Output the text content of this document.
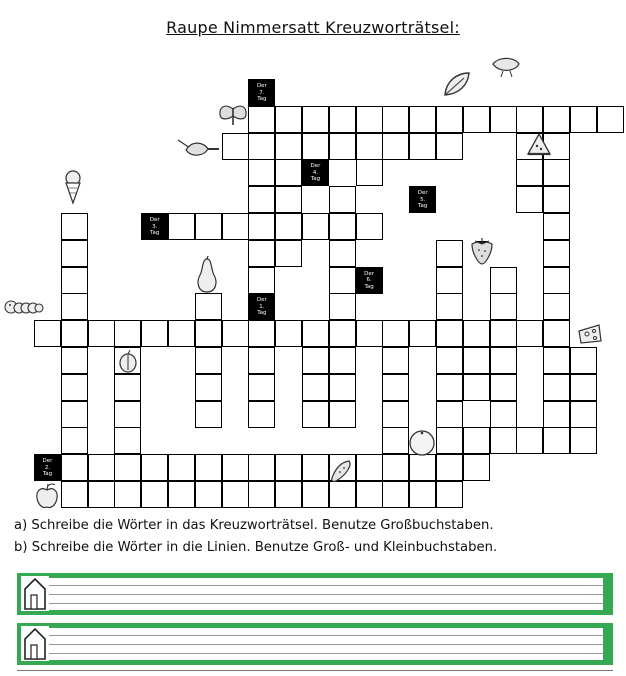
Raupe Nimmersatt Kreuzworträtsel:
Der
7.
Tag
Der
4.
Tag
Der
5.
Tag
Der
3.
Tag
Der
6.
Tag
Der
1.
Tag
Der
2.
Tag
a) Schreibe die Wörter in das Kreuzworträtsel. Benutze Großbuchstaben.
b) Schreibe die Wörter in die Linien. Benutze Groß- und Kleinbuchstaben.
